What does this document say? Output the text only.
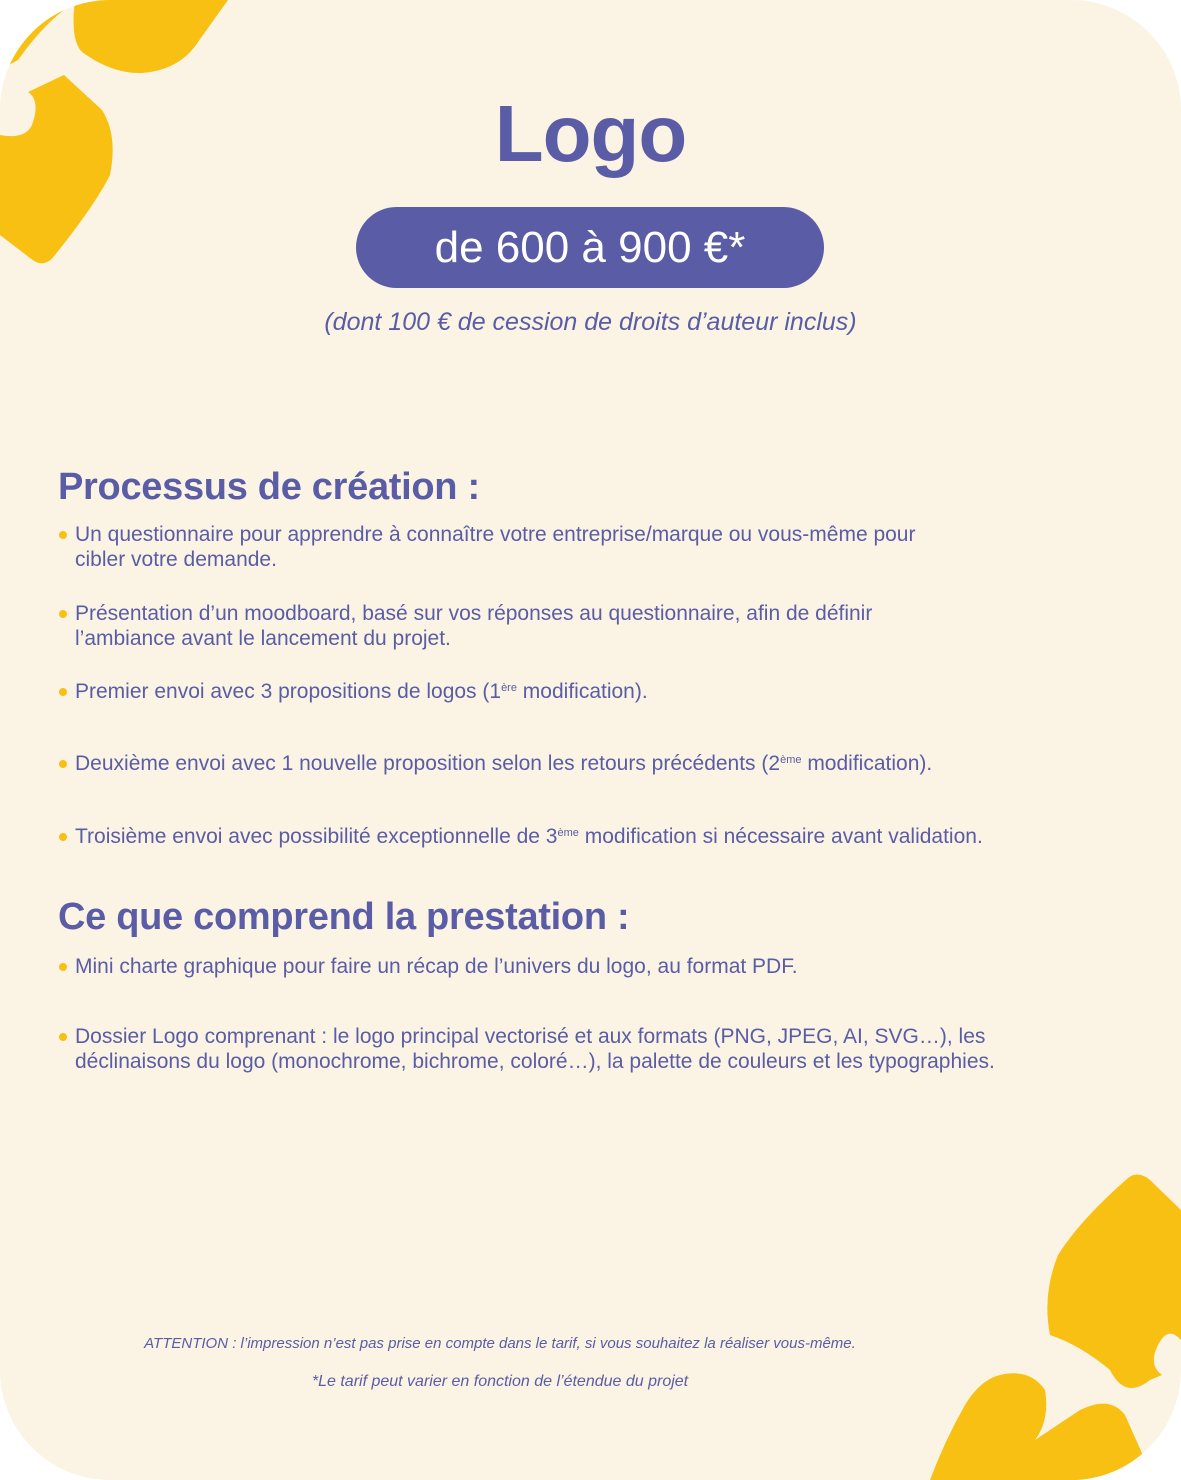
Logo
de 600 à 900 €*

(dont 100 € de cession de droits d’auteur inclus)

Processus de création :
Un questionnaire pour apprendre à connaître votre entreprise/marque ou vous-même pour
cibler votre demande.
Présentation d’un moodboard, basé sur vos réponses au questionnaire, afin de définir
l’ambiance avant le lancement du projet.
Premier envoi avec 3 propositions de logos (1ère modification).
Deuxième envoi avec 1 nouvelle proposition selon les retours précédents (2ème modification).
Troisième envoi avec possibilité exceptionnelle de 3ème modification si nécessaire avant validation.
Ce que comprend la prestation :
Mini charte graphique pour faire un récap de l’univers du logo, au format PDF.
Dossier Logo comprenant : le logo principal vectorisé et aux formats (PNG, JPEG, AI, SVG…), les
déclinaisons du logo (monochrome, bichrome, coloré…), la palette de couleurs et les typographies.

ATTENTION : l’impression n’est pas prise en compte dans le tarif, si vous souhaitez la réaliser vous-même.

*Le tarif peut varier en fonction de l’étendue du projet
